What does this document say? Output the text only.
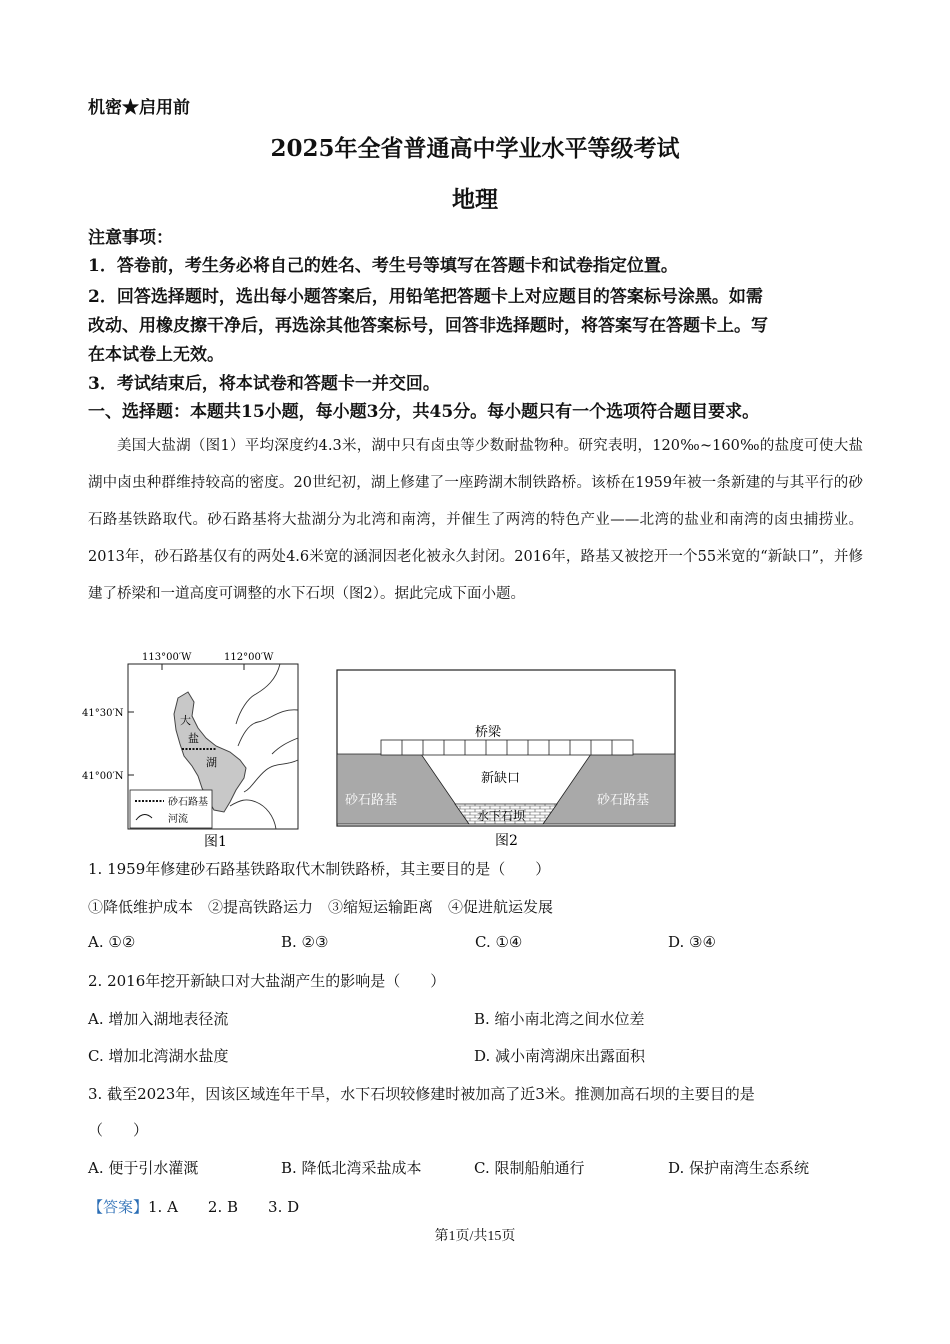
机密★启用前
2025年全省普通高中学业水平等级考试
地理
注意事项：
1．答卷前，考生务必将自己的姓名、考生号等填写在答题卡和试卷指定位置。
2．回答选择题时，选出每小题答案后，用铅笔把答题卡上对应题目的答案标号涂黑。如需
改动、用橡皮擦干净后，再选涂其他答案标号，回答非选择题时，将答案写在答题卡上。写
在本试卷上无效。
3．考试结束后，将本试卷和答题卡一并交回。
一、选择题：本题共15小题，每小题3分，共45分。每小题只有一个选项符合题目要求。

美国大盐湖（图1）平均深度约4.3米，湖中只有卤虫等少数耐盐物种。研究表明，120‰~160‰的盐度可使大盐湖中卤虫种群维持较高的密度。20世纪初，湖上修建了一座跨湖木制铁路桥。该桥在1959年被一条新建的与其平行的砂石路基铁路取代。砂石路基将大盐湖分为北湾和南湾，并催生了两湾的特色产业——北湾的盐业和南湾的卤虫捕捞业。2013年，砂石路基仅有的两处4.6米宽的涵洞因老化被永久封闭。2016年，路基又被挖开一个55米宽的“新缺口”，并修建了桥梁和一道高度可调整的水下石坝（图2）。据此完成下面小题。

113°00′W	112°00′W
41°30′N
41°00′N
大
盐
湖
砂石路基
河流
图1
桥梁
新缺口
砂石路基	砂石路基
水下石坝
图2
1. 1959年修建砂石路基铁路取代木制铁路桥，其主要目的是（　　）
①降低维护成本　②提高铁路运力　③缩短运输距离　④促进航运发展
A. ①②	B. ②③	C. ①④	D. ③④
2. 2016年挖开新缺口对大盐湖产生的影响是（　　）
A. 增加入湖地表径流	B. 缩小南北湾之间水位差
C. 增加北湾湖水盐度	D. 减小南湾湖床出露面积
3. 截至2023年，因该区域连年干旱，水下石坝较修建时被加高了近3米。推测加高石坝的主要目的是
（　　）
A. 便于引水灌溉	B. 降低北湾采盐成本	C. 限制船舶通行	D. 保护南湾生态系统
【答案】1. A　　2. B　　3. D
第1页/共15页
